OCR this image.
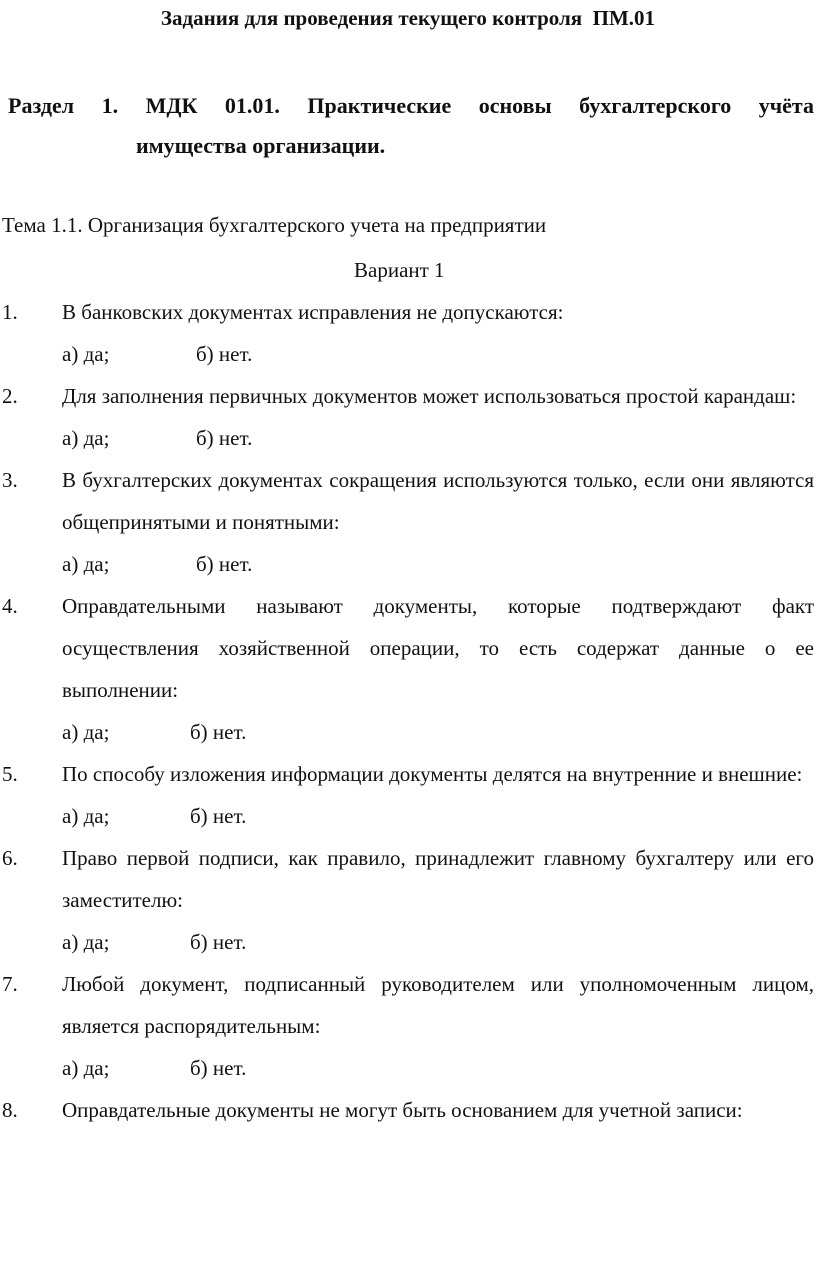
Задания для проведения текущего контроля  ПМ.01
Раздел 1. МДК 01.01. Практические основы бухгалтерского учёта
имущества организации.
Тема 1.1. Организация бухгалтерского учета на предприятии
Вариант 1
1.	В банковских документах исправления не допускаются:
а) да;	б) нет.
2.	Для заполнения первичных документов может использоваться простой карандаш:
а) да;	б) нет.
3.	В бухгалтерских документах сокращения используются только, если они являются общепринятыми и понятными:
а) да;	б) нет.
4.	Оправдательными называют документы, которые подтверждают факт осуществления хозяйственной операции, то есть содержат данные о ее выполнении:
а) да;	б) нет.
5.	По способу изложения информации документы делятся на внутренние и внешние:
а) да;	б) нет.
6.	Право первой подписи, как правило, принадлежит главному бухгалтеру или его заместителю:
а) да;	б) нет.
7.	Любой документ, подписанный руководителем или уполномоченным лицом, является распорядительным:
а) да;	б) нет.
8.	Оправдательные документы не могут быть основанием для учетной записи:
